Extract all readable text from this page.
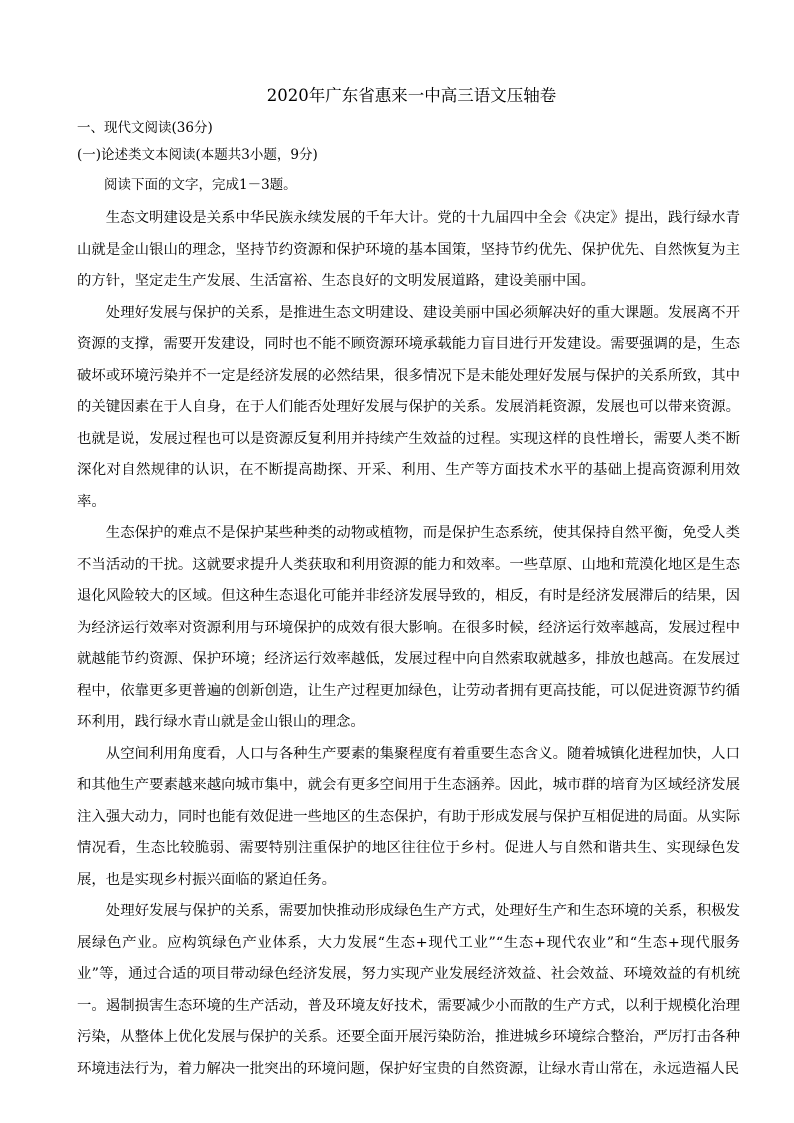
2020年广东省惠来一中高三语文压轴卷
一、现代文阅读(36分)
(一)论述类文本阅读(本题共3小题，9分)
阅读下面的文字，完成1－3题。

生态文明建设是关系中华民族永续发展的千年大计。党的十九届四中全会《决定》提出，践行绿水青山就是金山银山的理念，坚持节约资源和保护环境的基本国策，坚持节约优先、保护优先、自然恢复为主的方针，坚定走生产发展、生活富裕、生态良好的文明发展道路，建设美丽中国。

处理好发展与保护的关系，是推进生态文明建设、建设美丽中国必须解决好的重大课题。发展离不开资源的支撑，需要开发建设，同时也不能不顾资源环境承载能力盲目进行开发建设。需要强调的是，生态破坏或环境污染并不一定是经济发展的必然结果，很多情况下是未能处理好发展与保护的关系所致，其中的关键因素在于人自身，在于人们能否处理好发展与保护的关系。发展消耗资源，发展也可以带来资源。也就是说，发展过程也可以是资源反复利用并持续产生效益的过程。实现这样的良性增长，需要人类不断深化对自然规律的认识，在不断提高勘探、开采、利用、生产等方面技术水平的基础上提高资源利用效率。

生态保护的难点不是保护某些种类的动物或植物，而是保护生态系统，使其保持自然平衡，免受人类不当活动的干扰。这就要求提升人类获取和利用资源的能力和效率。一些草原、山地和荒漠化地区是生态退化风险较大的区域。但这种生态退化可能并非经济发展导致的，相反，有时是经济发展滞后的结果，因为经济运行效率对资源利用与环境保护的成效有很大影响。在很多时候，经济运行效率越高，发展过程中就越能节约资源、保护环境；经济运行效率越低，发展过程中向自然索取就越多，排放也越高。在发展过程中，依靠更多更普遍的创新创造，让生产过程更加绿色，让劳动者拥有更高技能，可以促进资源节约循环利用，践行绿水青山就是金山银山的理念。

从空间利用角度看，人口与各种生产要素的集聚程度有着重要生态含义。随着城镇化进程加快，人口和其他生产要素越来越向城市集中，就会有更多空间用于生态涵养。因此，城市群的培育为区域经济发展注入强大动力，同时也能有效促进一些地区的生态保护，有助于形成发展与保护互相促进的局面。从实际情况看，生态比较脆弱、需要特别注重保护的地区往往位于乡村。促进人与自然和谐共生、实现绿色发展，也是实现乡村振兴面临的紧迫任务。

处理好发展与保护的关系，需要加快推动形成绿色生产方式，处理好生产和生态环境的关系，积极发展绿色产业。应构筑绿色产业体系，大力发展“生态+现代工业”“生态+现代农业”和“生态+现代服务业”等，通过合适的项目带动绿色经济发展，努力实现产业发展经济效益、社会效益、环境效益的有机统一。遏制损害生态环境的生产活动，普及环境友好技术，需要减少小而散的生产方式，以利于规模化治理污染，从整体上优化发展与保护的关系。还要全面开展污染防治，推进城乡环境综合整治，严厉打击各种环境违法行为，着力解决一批突出的环境问题，保护好宝贵的自然资源，让绿水青山常在，永远造福人民
